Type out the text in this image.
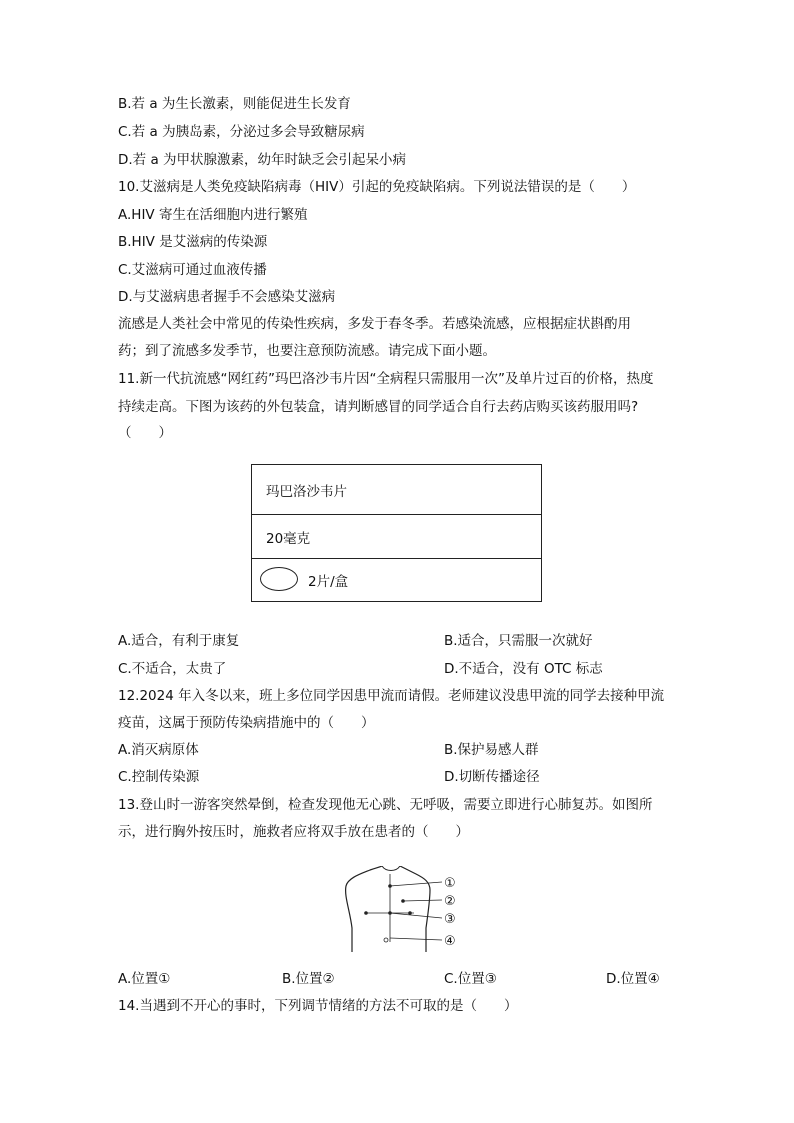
B.若 a 为生长激素，则能促进生长发育
C.若 a 为胰岛素，分泌过多会导致糖尿病
D.若 a 为甲状腺激素，幼年时缺乏会引起呆小病
10.艾滋病是人类免疫缺陷病毒（HIV）引起的免疫缺陷病。下列说法错误的是（　　）
A.HIV 寄生在活细胞内进行繁殖
B.HIV 是艾滋病的传染源
C.艾滋病可通过血液传播
D.与艾滋病患者握手不会感染艾滋病
流感是人类社会中常见的传染性疾病，多发于春冬季。若感染流感，应根据症状斟酌用
药；到了流感多发季节，也要注意预防流感。请完成下面小题。
11.新一代抗流感“网红药”玛巴洛沙韦片因“全病程只需服用一次”及单片过百的价格，热度
持续走高。下图为该药的外包装盒，请判断感冒的同学适合自行去药店购买该药服用吗?
（　　）
玛巴洛沙韦片
20毫克
2片/盒
A.适合，有利于康复	B.适合，只需服一次就好
C.不适合，太贵了	D.不适合，没有 OTC 标志
12.2024 年入冬以来，班上多位同学因患甲流而请假。老师建议没患甲流的同学去接种甲流
疫苗，这属于预防传染病措施中的（　　）
A.消灭病原体	B.保护易感人群
C.控制传染源	D.切断传播途径
13.登山时一游客突然晕倒，检查发现他无心跳、无呼吸，需要立即进行心肺复苏。如图所
示，进行胸外按压时，施救者应将双手放在患者的（　　）
①
②
③
④
A.位置①	B.位置②	C.位置③	D.位置④
14.当遇到不开心的事时，下列调节情绪的方法不可取的是（　　）
